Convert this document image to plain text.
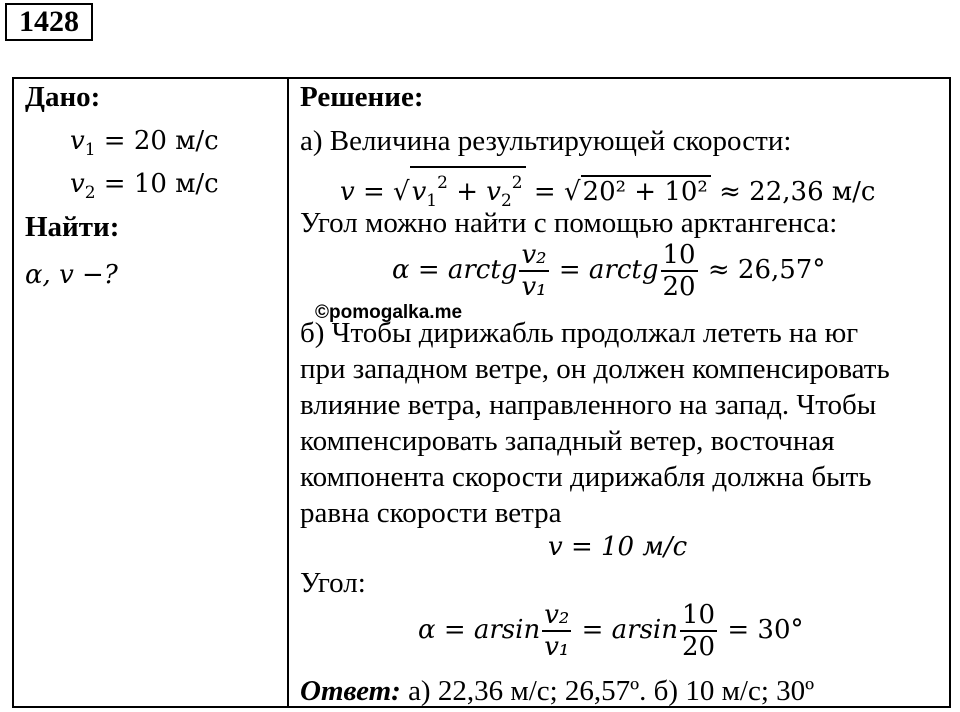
1428
Дано:
$v_1 = 20$ м/с
$v_2 = 10$ м/с
Найти:
α, v −?
Решение:
а) Величина результирующей скорости:
$v = √v_1^2 + v_2^2 = √20^2 + 10^2 \approx 22,36$ м/с
Угол можно найти с помощью арктангенса:
α = arctg $\frac{\text{v₂}}{\text{v₁}}$ = arctg $\frac{10}{20} \approx 26,57^\circ$
©pomogalka.me
б) Чтобы дирижабль продолжал лететь на юг
при западном ветре, он должен компенсировать
влияние ветра, направленного на запад. Чтобы
компенсировать западный ветер, восточная
компонента скорости дирижабля должна быть
равна скорости ветра
v = 10 м/с
Угол:
α = arsin $\frac{\text{v₂}}{\text{v₁}} = arsin \frac{10}{20} = 30^\circ$
Ответ: а) 22,36 м/с; 26,57º. б) 10 м/с; 30º
